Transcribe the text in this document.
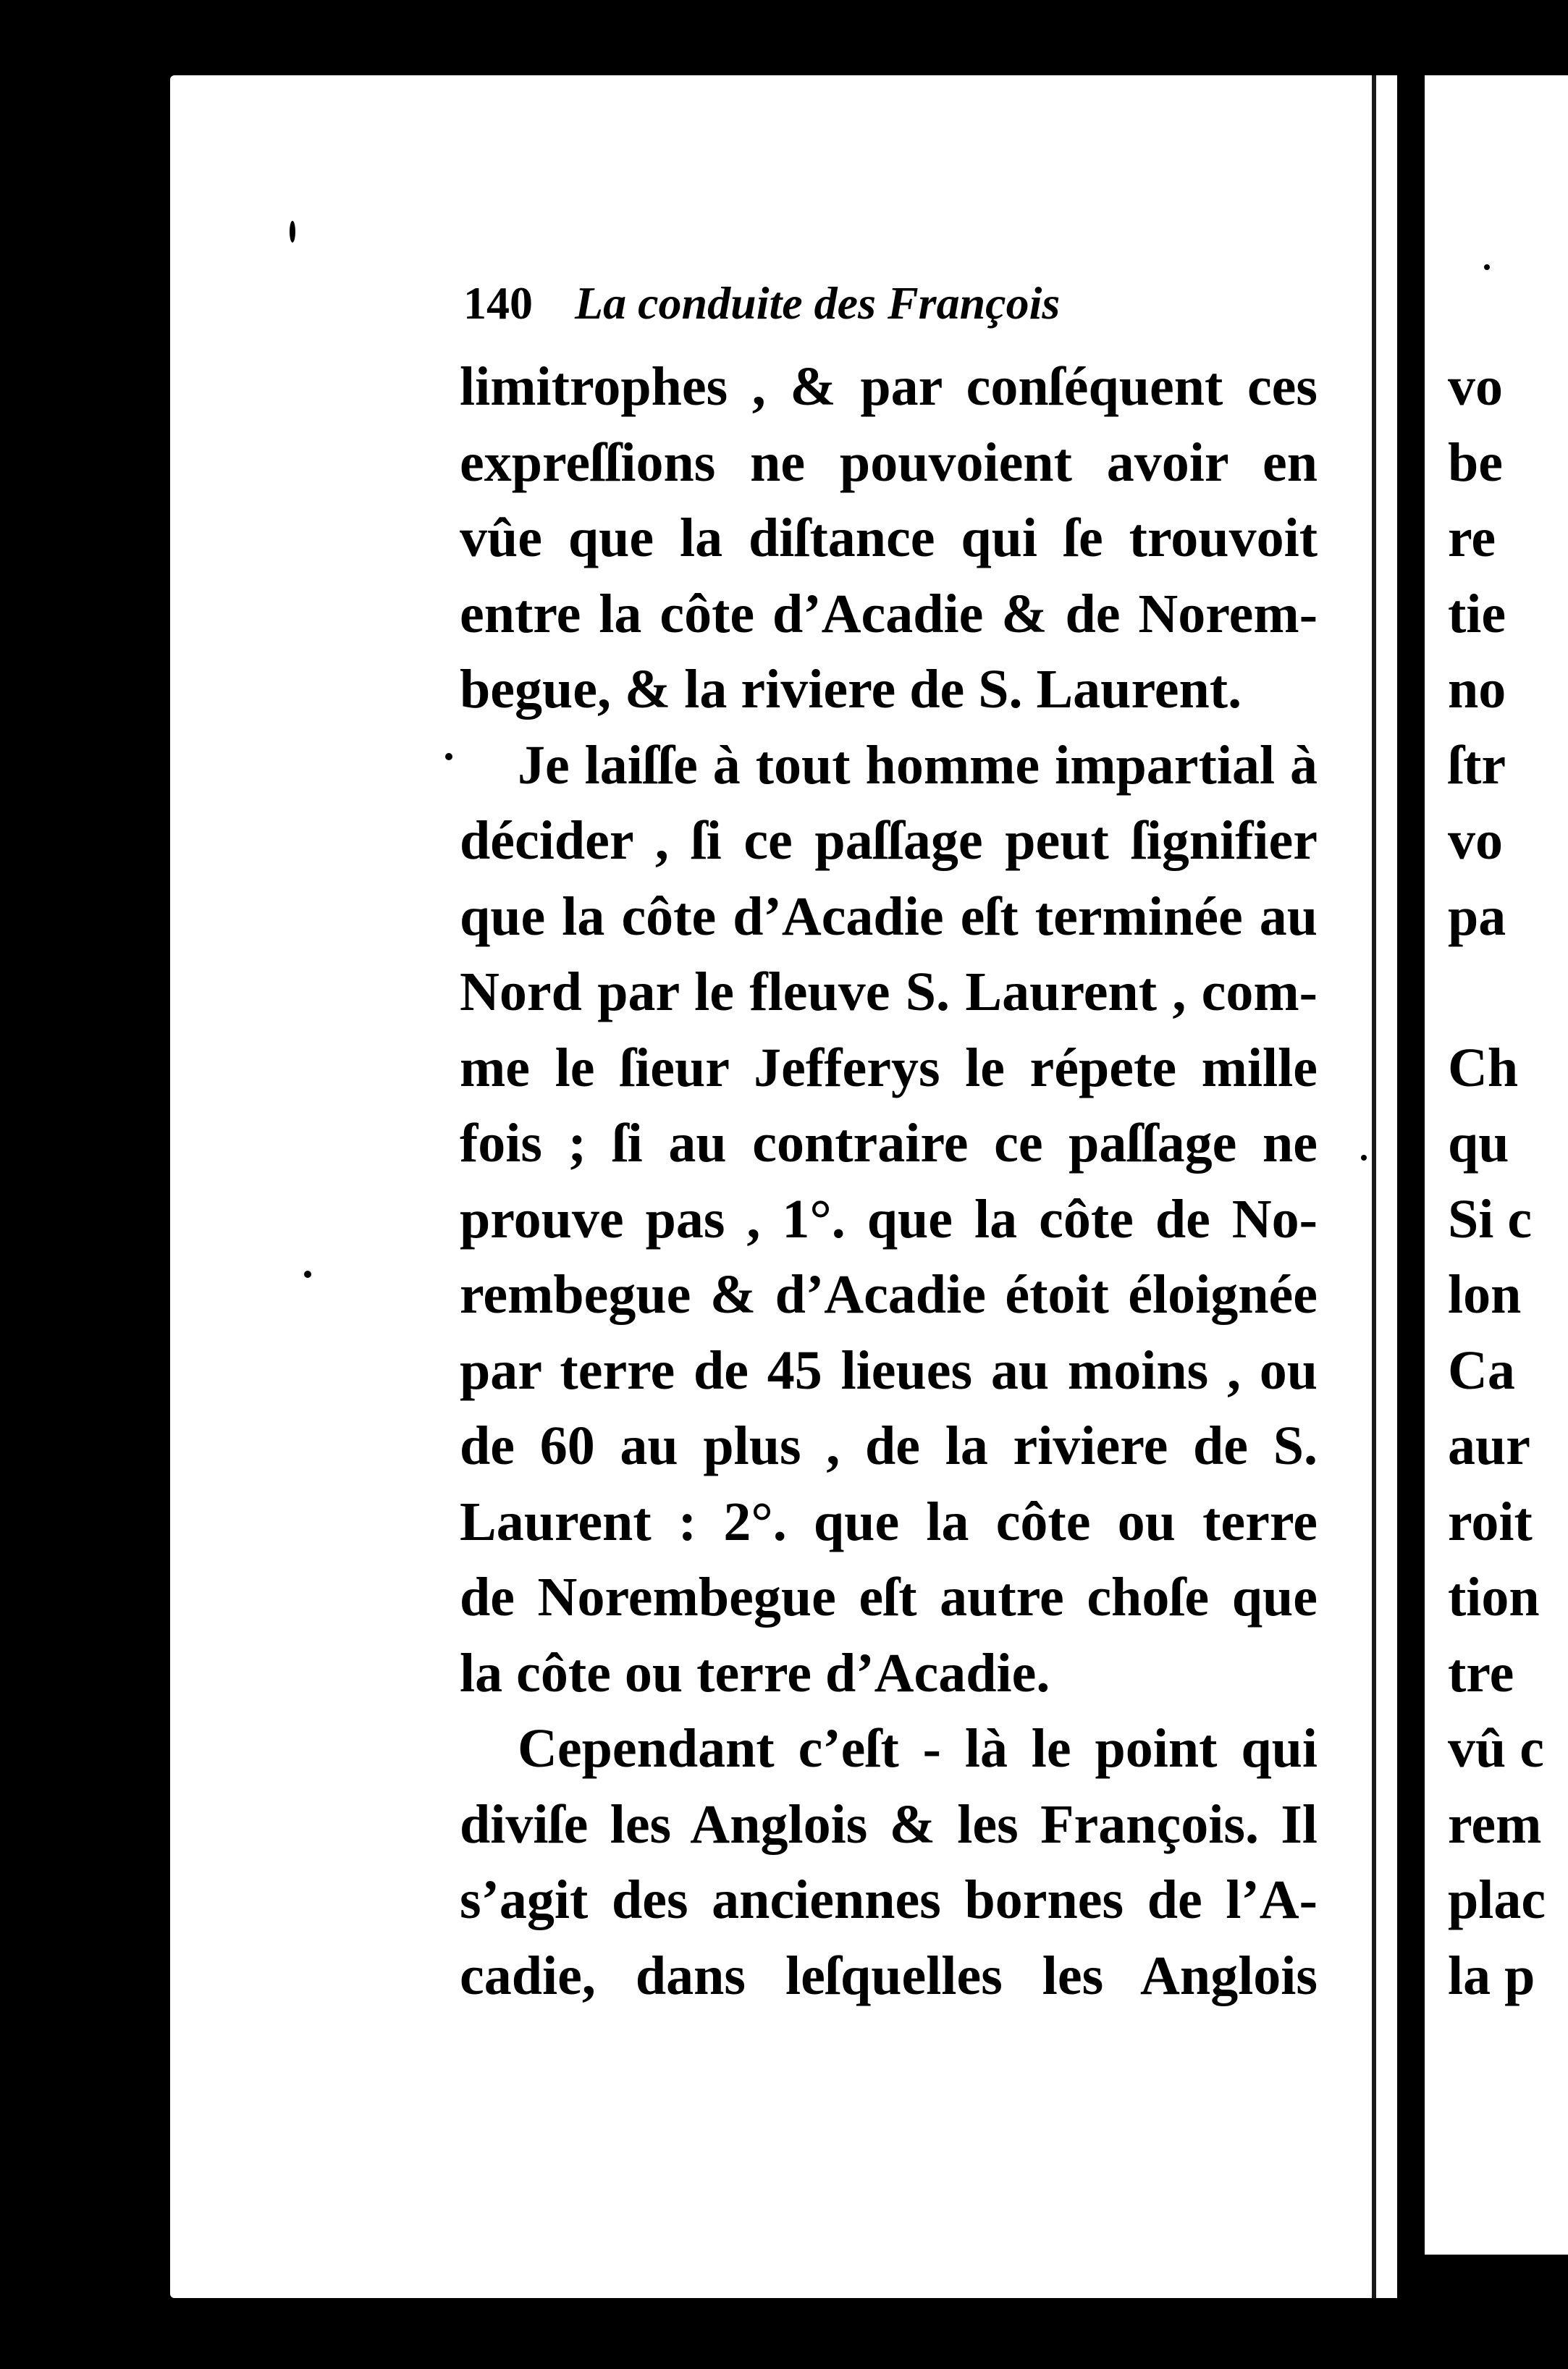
140 La conduite des François
limitrophes , & par conſéquent ces
expreſſions ne pouvoient avoir en
vûe que la diſtance qui ſe trouvoit
entre la côte d’Acadie & de Norem-
begue, & la riviere de S. Laurent.
Je laiſſe à tout homme impartial à
décider , ſi ce paſſage peut ſignifier
que la côte d’Acadie eſt terminée au
Nord par le fleuve S. Laurent , com-
me le ſieur Jefferys le répete mille
fois ; ſi au contraire ce paſſage ne
prouve pas , 1°. que la côte de No-
rembegue & d’Acadie étoit éloignée
par terre de 45 lieues au moins , ou
de 60 au plus , de la riviere de S.
Laurent : 2°. que la côte ou terre
de Norembegue eſt autre choſe que
la côte ou terre d’Acadie.
Cependant c’eſt - là le point qui
diviſe les Anglois & les François. Il
s’agit des anciennes bornes de l’A-
cadie, dans leſquelles les Anglois
vo
be
re
tie
no
ſtr
vo
pa
Ch
qu
Si c
lon
Ca
aur
roit
tion
tre
vû c
rem
plac
la p
